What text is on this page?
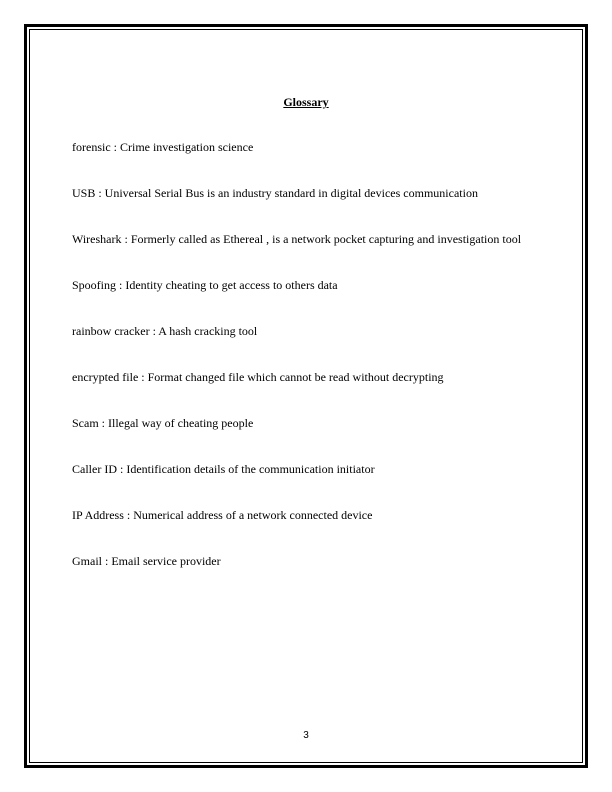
Glossary
forensic : Crime investigation science
USB : Universal Serial Bus is an industry standard in digital devices communication
Wireshark : Formerly called as Ethereal , is a network pocket capturing and investigation tool
Spoofing : Identity cheating to get access to others data
rainbow cracker : A hash cracking tool
encrypted file : Format changed file which cannot be read without decrypting
Scam : Illegal way of cheating people
Caller ID : Identification details of the communication initiator
IP Address : Numerical address of a network connected device
Gmail : Email service provider
3
